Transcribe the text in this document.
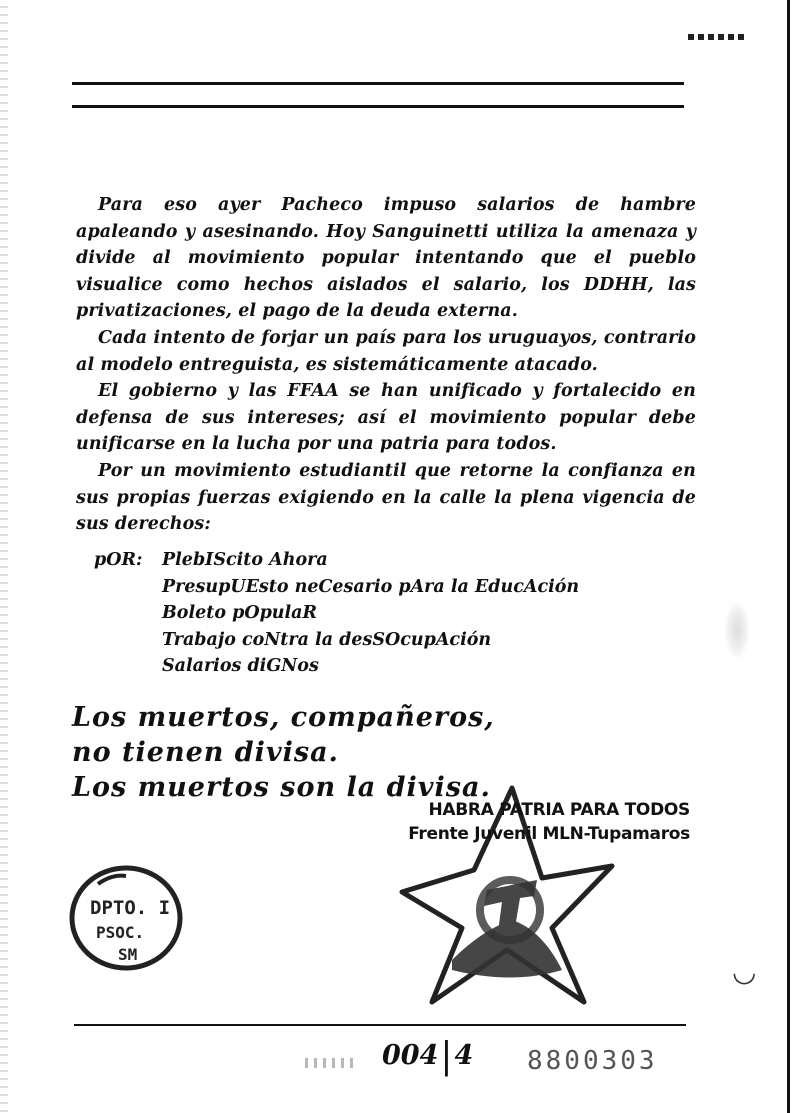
Para eso ayer Pacheco impuso salarios de hambre apaleando y asesinando. Hoy Sanguinetti utiliza la amenaza y divide al movimiento popular intentando que el pueblo visualice como hechos aislados el salario, los DDHH, las privatizaciones, el pago de la deuda externa.

Cada intento de forjar un país para los uruguayos, contrario al modelo entreguista, es sistemáticamente atacado.

El gobierno y las FFAA se han unificado y fortalecido en defensa de sus intereses; así el movimiento popular debe unificarse en la lucha por una patria para todos.

Por un movimiento estudiantil que retorne la confianza en sus propias fuerzas exigiendo en la calle la plena vigencia de sus derechos:

pOR: PlebIScito Ahora
PresupUEsto neCesario pAra la EducAción
Boleto pOpulaR
Trabajo coNtra la desSOcupAción
Salarios diGNos
Los muertos, compañeros,
no tienen divisa.
Los muertos son la divisa.
HABRA PATRIA PARA TODOS
Frente Juvenil MLN-Tupamaros
DPTO. I
PSOC.
SM
004|4 8800303
◡
